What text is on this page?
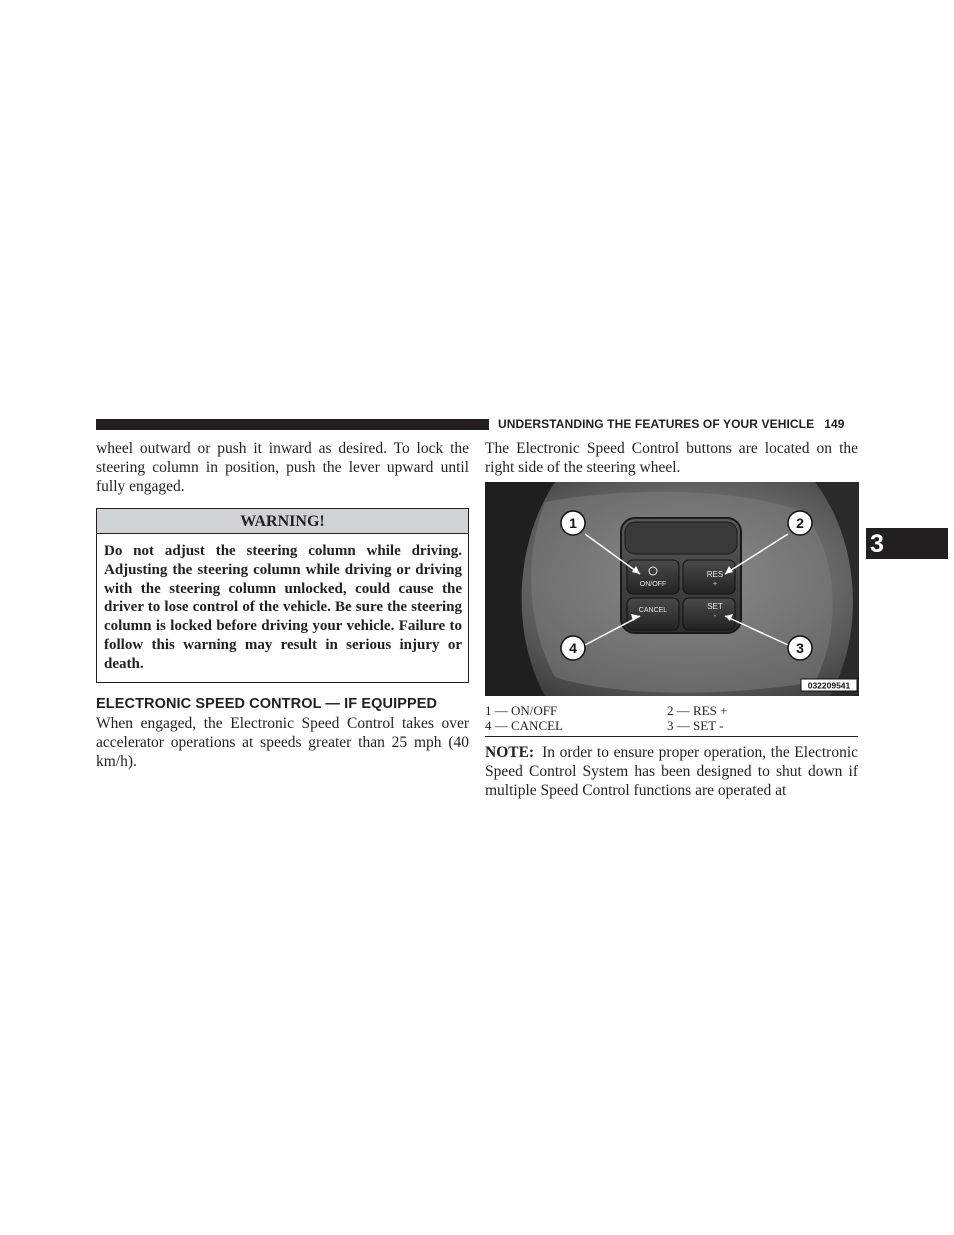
UNDERSTANDING THE FEATURES OF YOUR VEHICLE 149

wheel outward or push it inward as desired. To lock the steering column in position, push the lever upward until fully engaged.

WARNING!
Do not adjust the steering column while driving. Adjusting the steering column while driving or driving with the steering column unlocked, could cause the driver to lose control of the vehicle. Be sure the steering column is locked before driving your vehicle. Failure to follow this warning may result in serious injury or death.
ELECTRONIC SPEED CONTROL — IF EQUIPPED
When engaged, the Electronic Speed Control takes over accelerator operations at speeds greater than 25 mph (40 km/h).

The Electronic Speed Control buttons are located on the right side of the steering wheel.

ON/OFF
RES
+
CANCEL	SET
-
1	2
3
4
032209541
1 — ON/OFF	2 — RES +
4 — CANCEL	3 — SET -
NOTE: In order to ensure proper operation, the Electronic Speed Control System has been designed to shut down if multiple Speed Control functions are operated at
3
